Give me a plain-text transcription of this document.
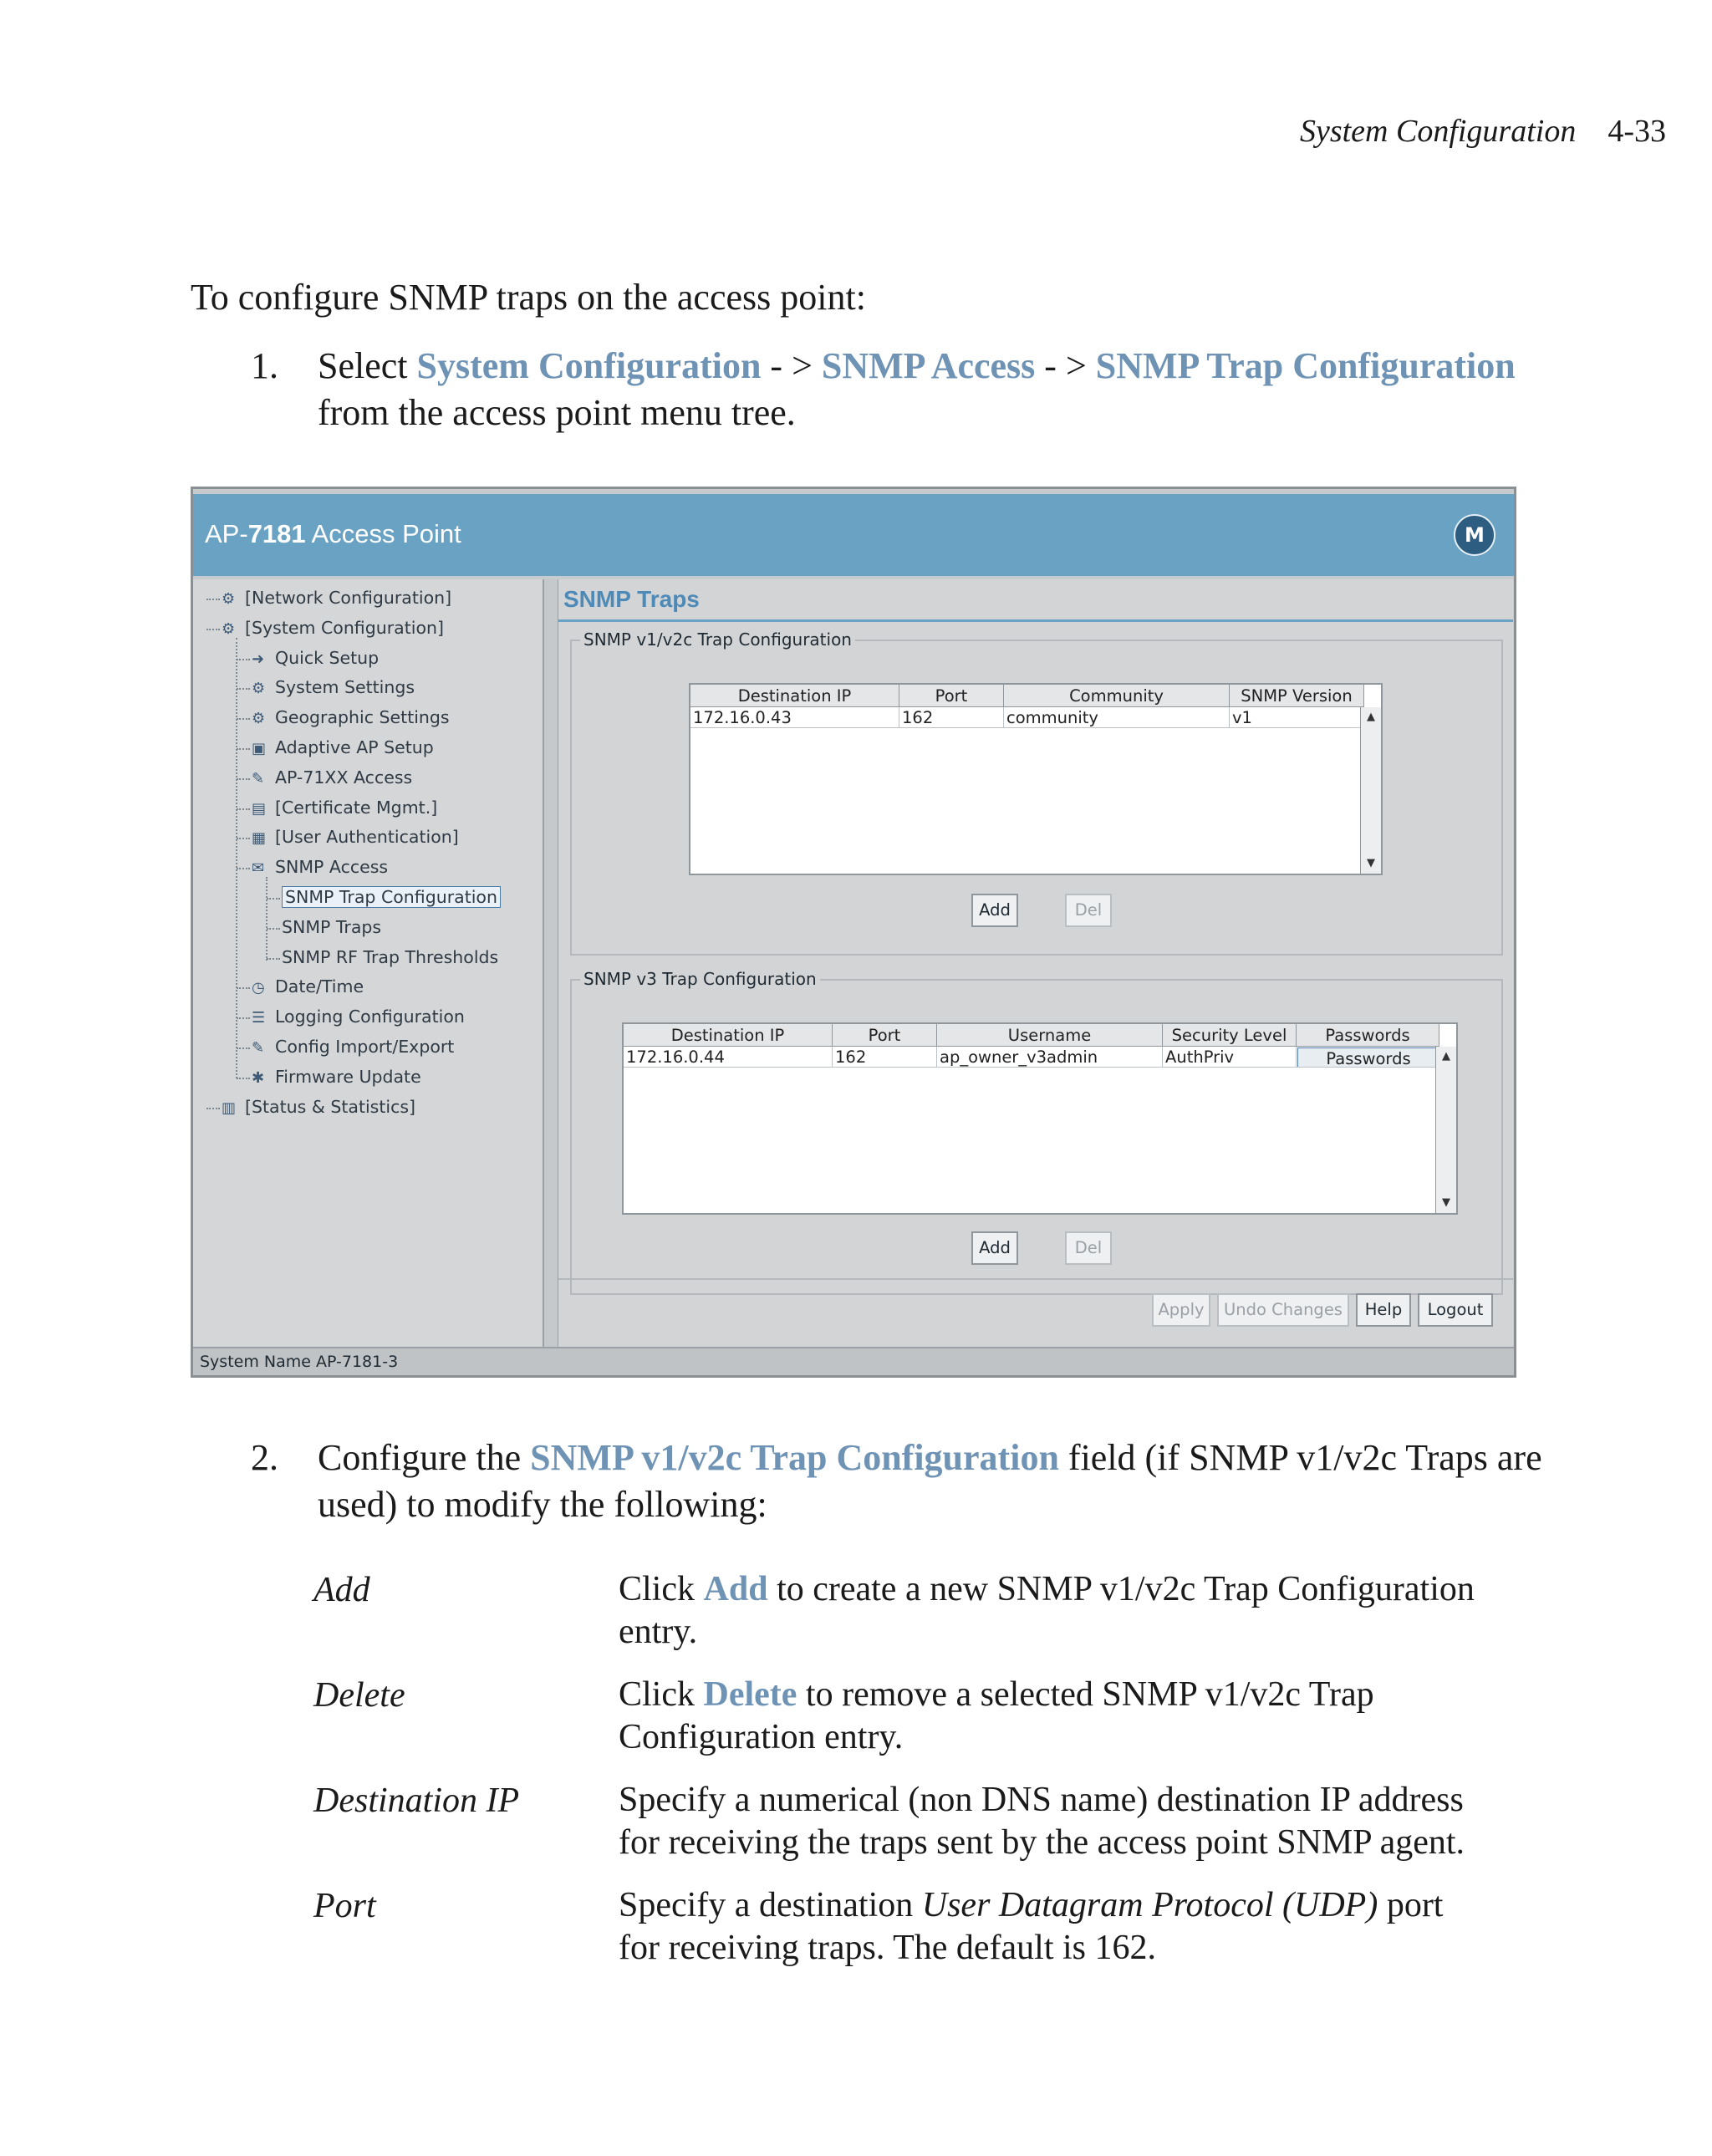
System Configuration 4-33
To configure SNMP traps on the access point:
1. Select System Configuration - > SNMP Access - > SNMP Trap Configuration
from the access point menu tree.
AP-7181 Access Point	M
⚙ [Network Configuration]
⚙ [System Configuration]
➜ Quick Setup
⚙ System Settings
⚙ Geographic Settings
▣ Adaptive AP Setup
✎ AP-71XX Access
▤ [Certificate Mgmt.]
▦ [User Authentication]
✉ SNMP Access
SNMP Trap Configuration
SNMP Traps
SNMP RF Trap Thresholds
◷ Date/Time
☰ Logging Configuration
✎ Config Import/Export
✱ Firmware Update
▥ [Status & Statistics]
SNMP Traps
SNMP v1/v2c Trap Configuration
Destination IP	Port	Community	SNMP Version
172.16.0.43	162	community	v1	▲
▼
Add	Del
SNMP v3 Trap Configuration
Destination IP	Port	Username	Security Level	Passwords
172.16.0.44	162	ap_owner_v3admin	AuthPriv	Passwords	▲
▼
Add	Del
Apply	Undo Changes	Help	Logout
System Name AP-7181-3
2. Configure the SNMP v1/v2c Trap Configuration field (if SNMP v1/v2c Traps are
used) to modify the following:
Add	Click Add to create a new SNMP v1/v2c Trap Configuration
entry.
Delete	Click Delete to remove a selected SNMP v1/v2c Trap
Configuration entry.
Destination IP	Specify a numerical (non DNS name) destination IP address
for receiving the traps sent by the access point SNMP agent.
Port	Specify a destination User Datagram Protocol (UDP) port
for receiving traps. The default is 162.
